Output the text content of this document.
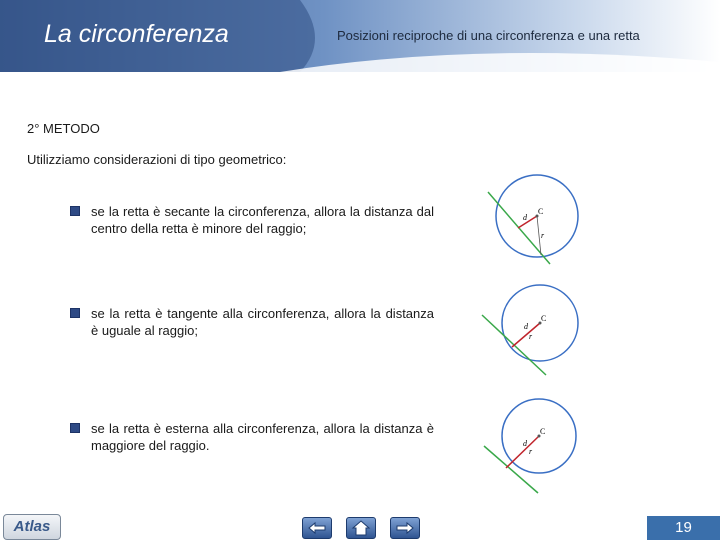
La circonferenza	Posizioni reciproche di una circonferenza e una retta
2° METODO
Utilizziamo considerazioni di tipo geometrico:
se la retta è secante la circonferenza, allora la distanza dal centro della retta è minore del raggio;
se la retta è tangente alla circonferenza, allora la distanza è uguale al raggio;
se la retta è esterna alla circonferenza, allora la distanza è maggiore del raggio.
C
d
r
C
d
r
C
d
r
Atlas	19
